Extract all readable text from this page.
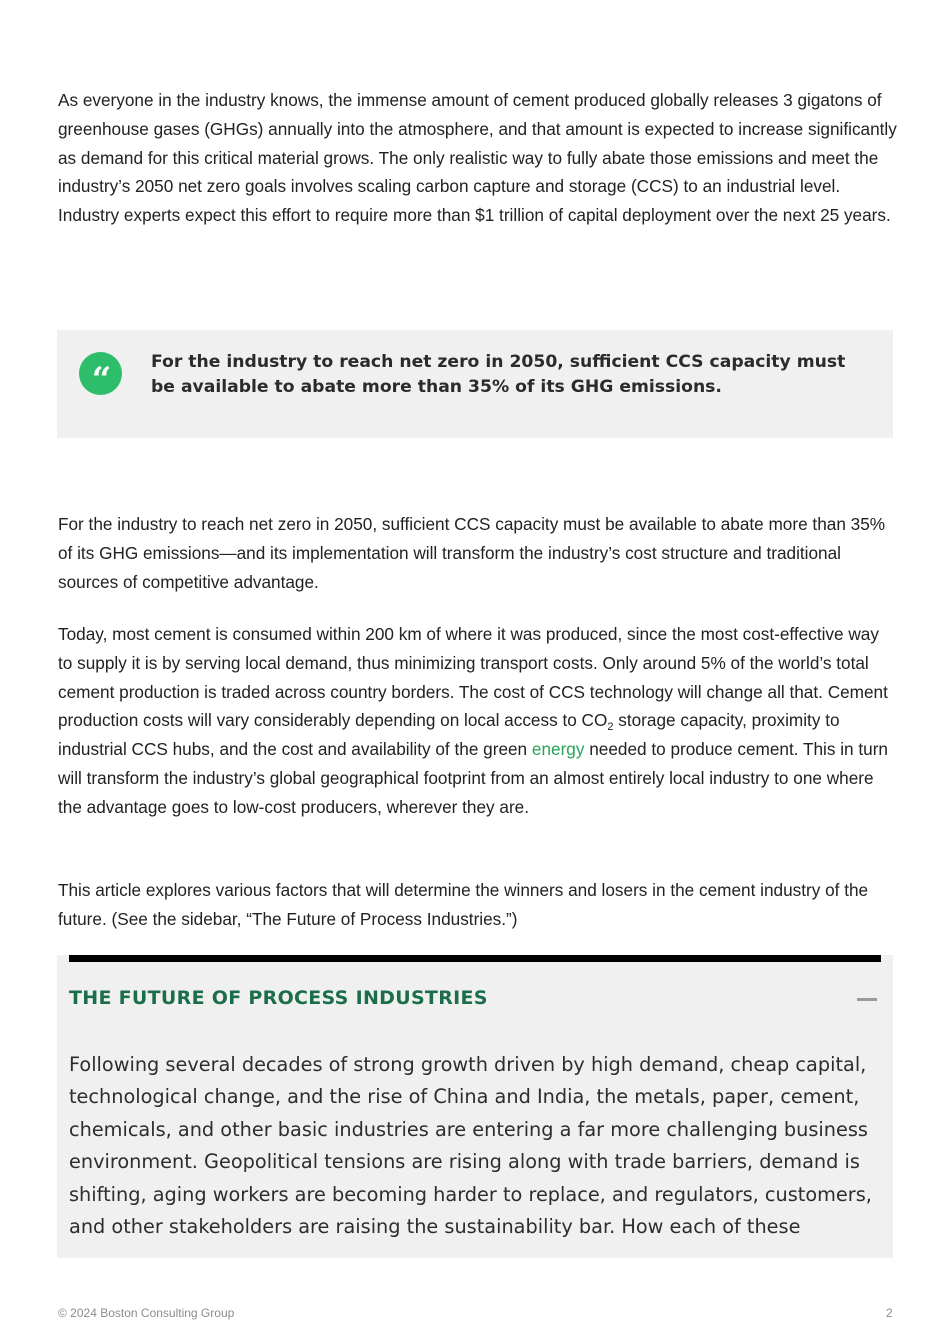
As everyone in the industry knows, the immense amount of cement produced globally releases 3 gigatons of greenhouse gases (GHGs) annually into the atmosphere, and that amount is expected to increase significantly as demand for this critical material grows. The only realistic way to fully abate those emissions and meet the industry’s 2050 net zero goals involves scaling carbon capture and storage (CCS) to an industrial level. Industry experts expect this effort to require more than $1 trillion of capital deployment over the next 25 years.

“	For the industry to reach net zero in 2050, sufficient CCS capacity must be available to abate more than 35% of its GHG emissions.

For the industry to reach net zero in 2050, sufficient CCS capacity must be available to abate more than 35% of its GHG emissions—and its implementation will transform the industry’s cost structure and traditional sources of competitive advantage.

Today, most cement is consumed within 200 km of where it was produced, since the most cost-effective way to supply it is by serving local demand, thus minimizing transport costs. Only around 5% of the world’s total cement production is traded across country borders. The cost of CCS technology will change all that. Cement production costs will vary considerably depending on local access to $CO_2$ storage capacity, proximity to industrial CCS hubs, and the cost and availability of the green energy needed to produce cement. This in turn will transform the industry’s global geographical footprint from an almost entirely local industry to one where the advantage goes to low-cost producers, wherever they are.

This article explores various factors that will determine the winners and losers in the cement industry of the future. (See the sidebar, “The Future of Process Industries.”)

THE FUTURE OF PROCESS INDUSTRIES

Following several decades of strong growth driven by high demand, cheap capital, technological change, and the rise of China and India, the metals, paper, cement, chemicals, and other basic industries are entering a far more challenging business environment. Geopolitical tensions are rising along with trade barriers, demand is shifting, aging workers are becoming harder to replace, and regulators, customers, and other stakeholders are raising the sustainability bar. How each of these

© 2024 Boston Consulting Group	2
